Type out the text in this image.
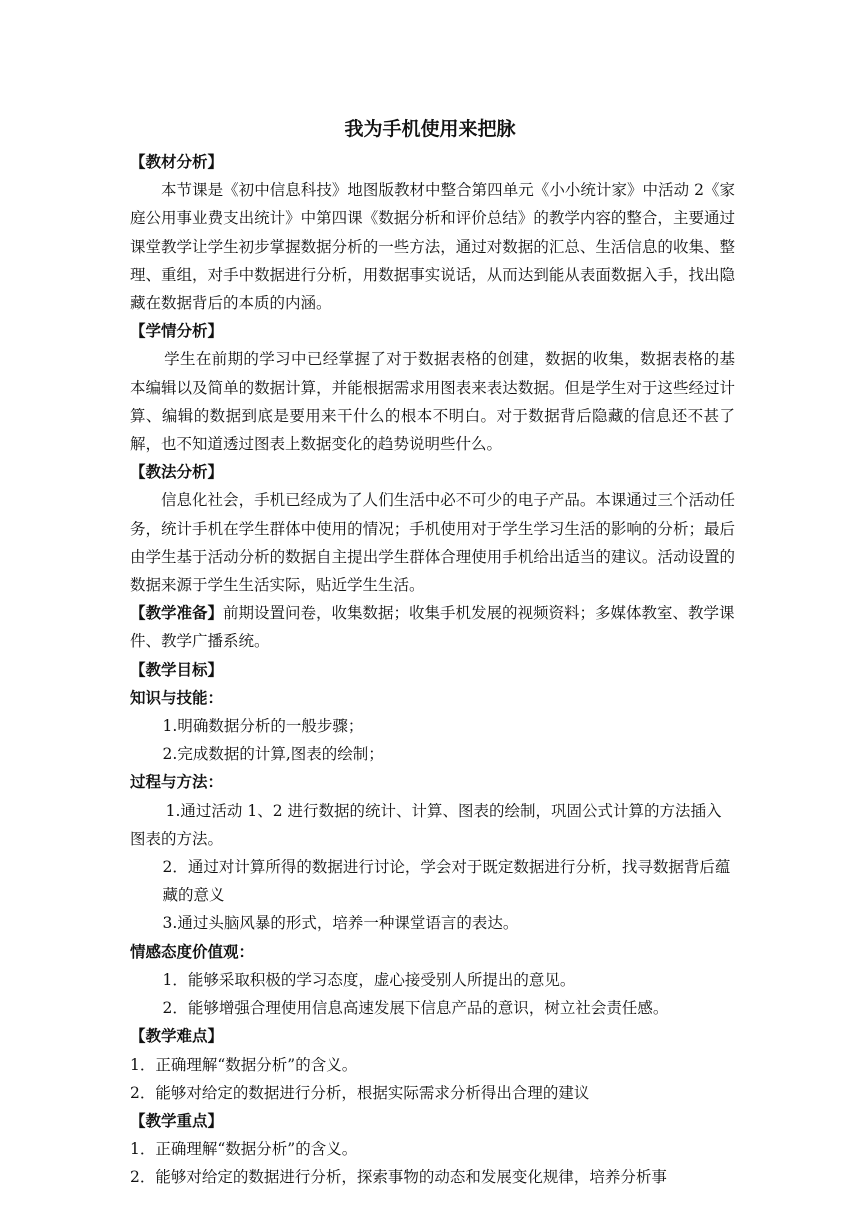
我为手机使用来把脉

【教材分析】

本节课是《初中信息科技》地图版教材中整合第四单元《小小统计家》中活动 2《家庭公用事业费支出统计》中第四课《数据分析和评价总结》的教学内容的整合，主要通过课堂教学让学生初步掌握数据分析的一些方法，通过对数据的汇总、生活信息的收集、整理、重组，对手中数据进行分析，用数据事实说话，从而达到能从表面数据入手，找出隐藏在数据背后的本质的内涵。

【学情分析】

学生在前期的学习中已经掌握了对于数据表格的创建，数据的收集，数据表格的基本编辑以及简单的数据计算，并能根据需求用图表来表达数据。但是学生对于这些经过计算、编辑的数据到底是要用来干什么的根本不明白。对于数据背后隐藏的信息还不甚了解，也不知道透过图表上数据变化的趋势说明些什么。

【教法分析】

信息化社会，手机已经成为了人们生活中必不可少的电子产品。本课通过三个活动任务，统计手机在学生群体中使用的情况；手机使用对于学生学习生活的影响的分析；最后由学生基于活动分析的数据自主提出学生群体合理使用手机给出适当的建议。活动设置的数据来源于学生生活实际，贴近学生生活。

【教学准备】前期设置问卷，收集数据；收集手机发展的视频资料；多媒体教室、教学课件、教学广播系统。

【教学目标】

知识与技能：

1.明确数据分析的一般步骤；

2.完成数据的计算,图表的绘制；

过程与方法：

1.通过活动 1、2 进行数据的统计、计算、图表的绘制，巩固公式计算的方法插入图表的方法。

2．通过对计算所得的数据进行讨论，学会对于既定数据进行分析，找寻数据背后蕴藏的意义

3.通过头脑风暴的形式，培养一种课堂语言的表达。

情感态度价值观：

1．能够采取积极的学习态度，虚心接受别人所提出的意见。

2．能够增强合理使用信息高速发展下信息产品的意识，树立社会责任感。

【教学难点】

1．正确理解“数据分析”的含义。

2．能够对给定的数据进行分析，根据实际需求分析得出合理的建议

【教学重点】

1．正确理解“数据分析”的含义。

2．能够对给定的数据进行分析，探索事物的动态和发展变化规律，培养分析事
